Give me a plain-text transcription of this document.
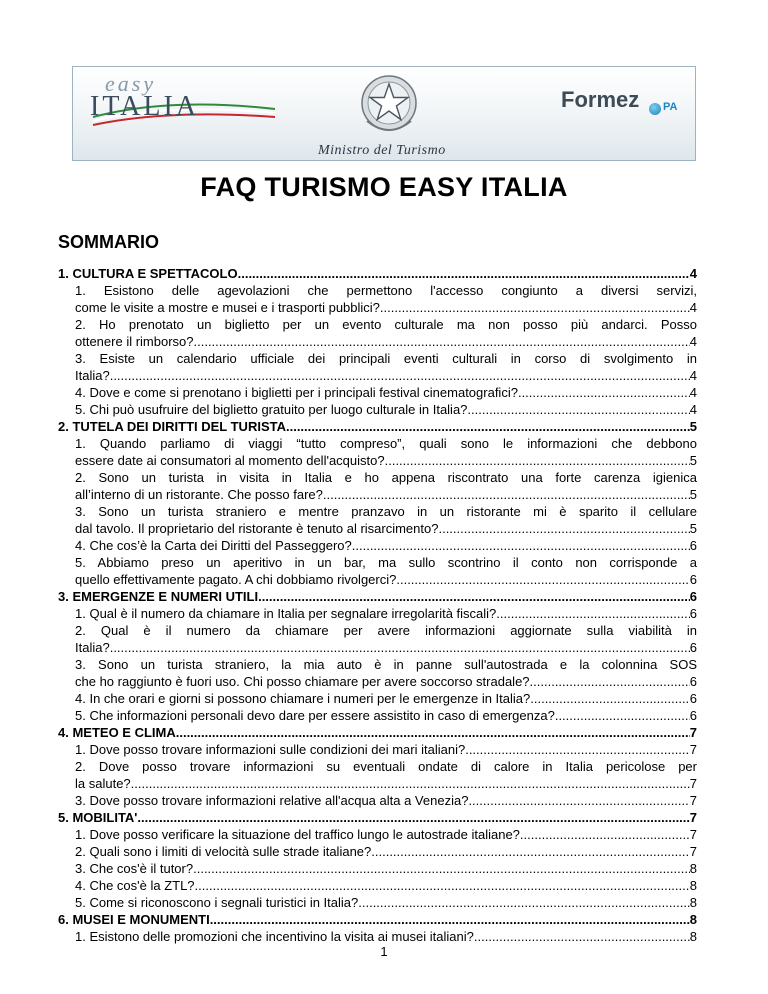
easy
ITALIA
Ministro del Turismo
Formez PA
FAQ TURISMO EASY ITALIA
SOMMARIO
1. CULTURA E SPETTACOLO .....	4
1. Esistono delle agevolazioni che permettono l'accesso congiunto a diversi servizi,
come le visite a mostre e musei e i trasporti pubblici? .....	4
2. Ho prenotato un biglietto per un evento culturale ma non posso più andarci. Posso
ottenere il rimborso? .....	4
3. Esiste un calendario ufficiale dei principali eventi culturali in corso di svolgimento in
Italia? .....	4
4. Dove e come si prenotano i biglietti per i principali festival cinematografici? .....	4
5. Chi può usufruire del biglietto gratuito per luogo culturale in Italia? .....	4
2. TUTELA DEI DIRITTI DEL TURISTA .....	5
1. Quando parliamo di viaggi “tutto compreso”, quali sono le informazioni che debbono
essere date ai consumatori al momento dell'acquisto? .....	5
2. Sono un turista in visita in Italia e ho appena riscontrato una forte carenza igienica
all’interno di un ristorante. Che posso fare? .....	5
3. Sono un turista straniero e mentre pranzavo in un ristorante mi è sparito il cellulare
dal tavolo. Il proprietario del ristorante è tenuto al risarcimento? .....	5
4. Che cos’è la Carta dei Diritti del Passeggero? .....	6
5. Abbiamo preso un aperitivo in un bar, ma sullo scontrino il conto non corrisponde a
quello effettivamente pagato. A chi dobbiamo rivolgerci? .....	6
3. EMERGENZE E NUMERI UTILI .....	6
1. Qual è il numero da chiamare in Italia per segnalare irregolarità fiscali? .....	6
2. Qual è il numero da chiamare per avere informazioni aggiornate sulla viabilità in
Italia? .....	6
3. Sono un turista straniero, la mia auto è in panne sull'autostrada e la colonnina SOS
che ho raggiunto è fuori uso. Chi posso chiamare per avere soccorso stradale? .....	6
4. In che orari e giorni si possono chiamare i numeri per le emergenze in Italia? .....	6
5. Che informazioni personali devo dare per essere assistito in caso di emergenza? .....	6
4. METEO E CLIMA .....	7
1. Dove posso trovare informazioni sulle condizioni dei mari italiani? .....	7
2. Dove posso trovare informazioni su eventuali ondate di calore in Italia pericolose per
la salute? .....	7
3. Dove posso trovare informazioni relative all'acqua alta a Venezia? .....	7
5. MOBILITA' .....	7
1. Dove posso verificare la situazione del traffico lungo le autostrade italiane? .....	7
2. Quali sono i limiti di velocità sulle strade italiane? .....	7
3. Che cos'è il tutor? .....	8
4. Che cos'è la ZTL? .....	8
5. Come si riconoscono i segnali turistici in Italia? .....	8
6. MUSEI E MONUMENTI .....	8
1. Esistono delle promozioni che incentivino la visita ai musei italiani? .....	8
1
